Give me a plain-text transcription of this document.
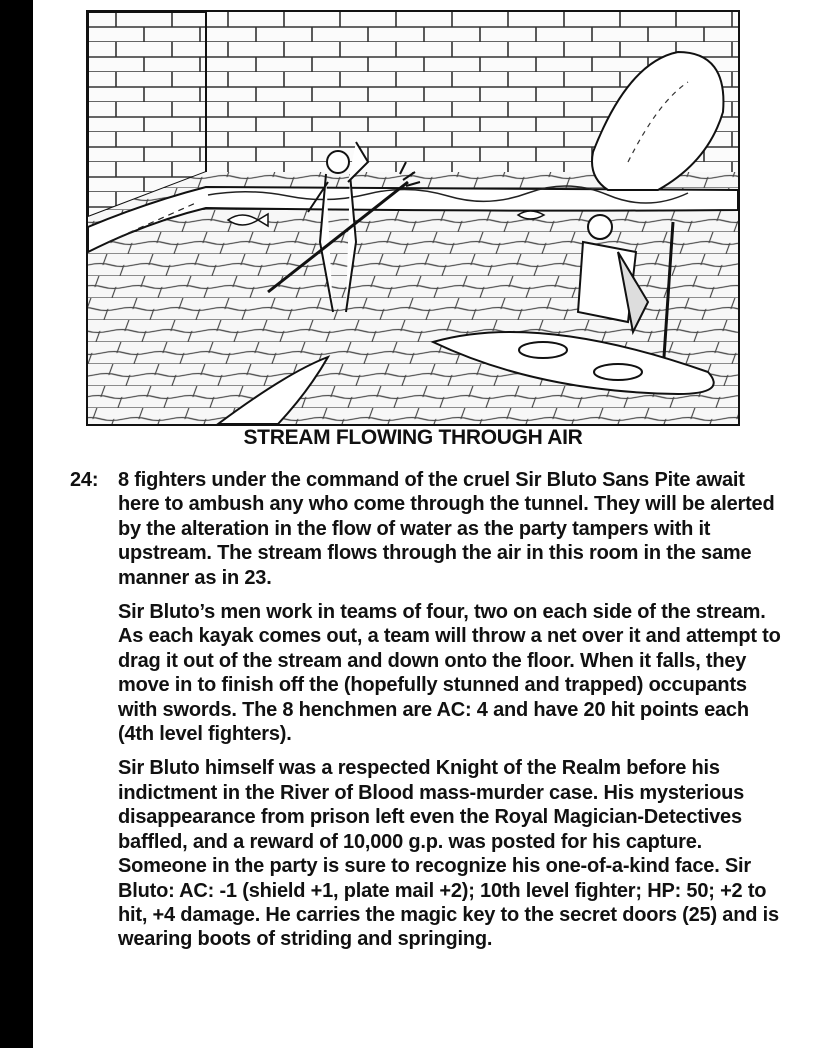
STREAM FLOWING THROUGH AIR
24: 8 fighters under the command of the cruel Sir Bluto Sans Pite await here to ambush any who come through the tunnel. They will be alerted by the alteration in the flow of water as the party tampers with it upstream. The stream flows through the air in this room in the same manner as in 23.
Sir Bluto’s men work in teams of four, two on each side of the stream. As each kayak comes out, a team will throw a net over it and attempt to drag it out of the stream and down onto the floor. When it falls, they move in to finish off the (hopefully stunned and trapped) occupants with swords. The 8 henchmen are AC: 4 and have 20 hit points each (4th level fighters).
Sir Bluto himself was a respected Knight of the Realm before his indictment in the River of Blood mass-murder case. His mysterious disappearance from prison left even the Royal Magician-Detectives baffled, and a reward of 10,000 g.p. was posted for his capture. Someone in the party is sure to recognize his one-of-a-kind face. Sir Bluto: AC: -1 (shield +1, plate mail +2); 10th level fighter; HP: 50; +2 to hit, +4 damage. He carries the magic key to the secret doors (25) and is wearing boots of striding and springing.
